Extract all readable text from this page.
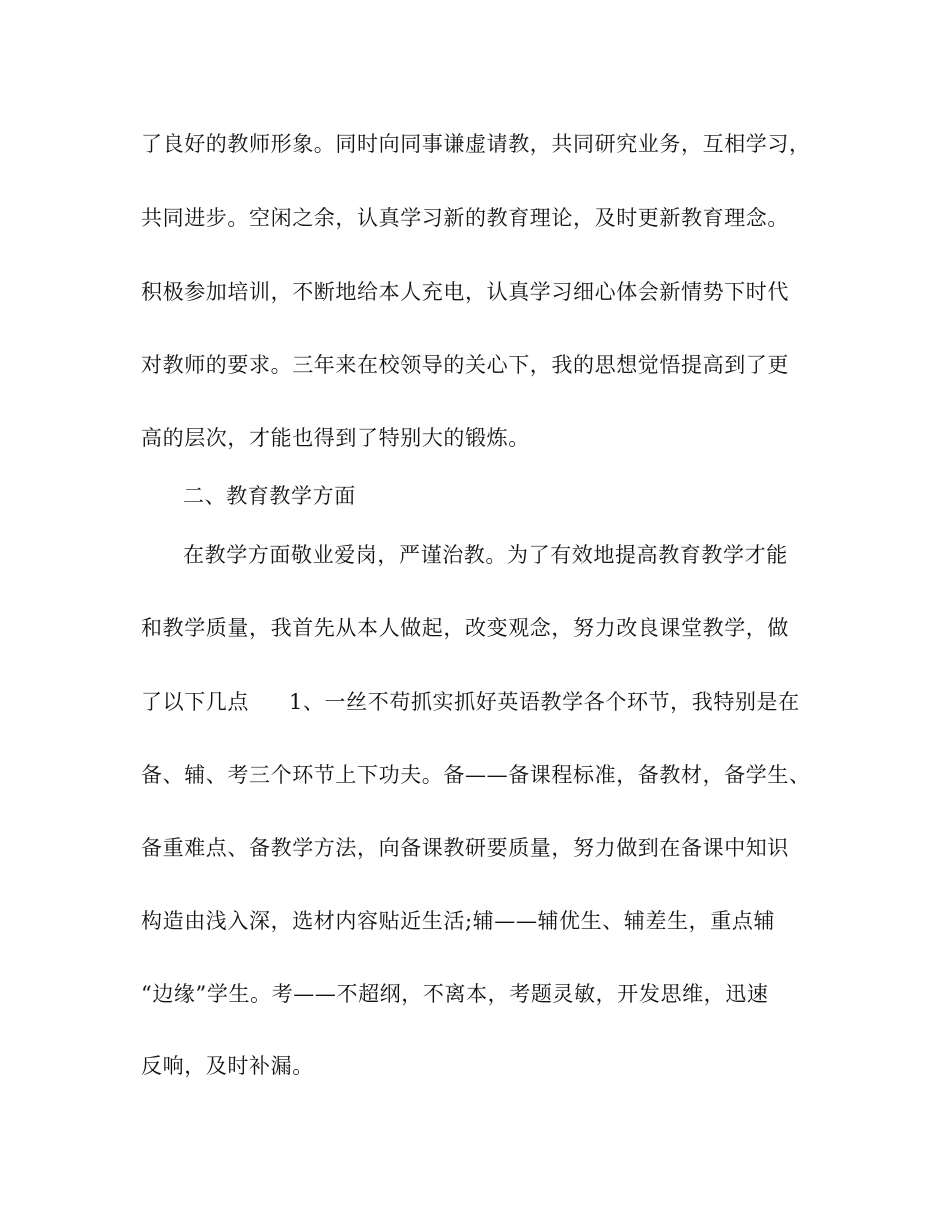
了良好的教师形象。同时向同事谦虚请教，共同研究业务，互相学习，
共同进步。空闲之余，认真学习新的教育理论，及时更新教育理念。
积极参加培训，不断地给本人充电，认真学习细心体会新情势下时代
对教师的要求。三年来在校领导的关心下，我的思想觉悟提高到了更
高的层次，才能也得到了特别大的锻炼。
二、教育教学方面
在教学方面敬业爱岗，严谨治教。为了有效地提高教育教学才能
和教学质量，我首先从本人做起，改变观念，努力改良课堂教学，做
了以下几点 1、一丝不苟抓实抓好英语教学各个环节，我特别是在
备、辅、考三个环节上下功夫。备——备课程标准，备教材，备学生、
备重难点、备教学方法，向备课教研要质量，努力做到在备课中知识
构造由浅入深，选材内容贴近生活;辅——辅优生、辅差生，重点辅
“边缘”学生。考——不超纲，不离本，考题灵敏，开发思维，迅速
反响，及时补漏。
